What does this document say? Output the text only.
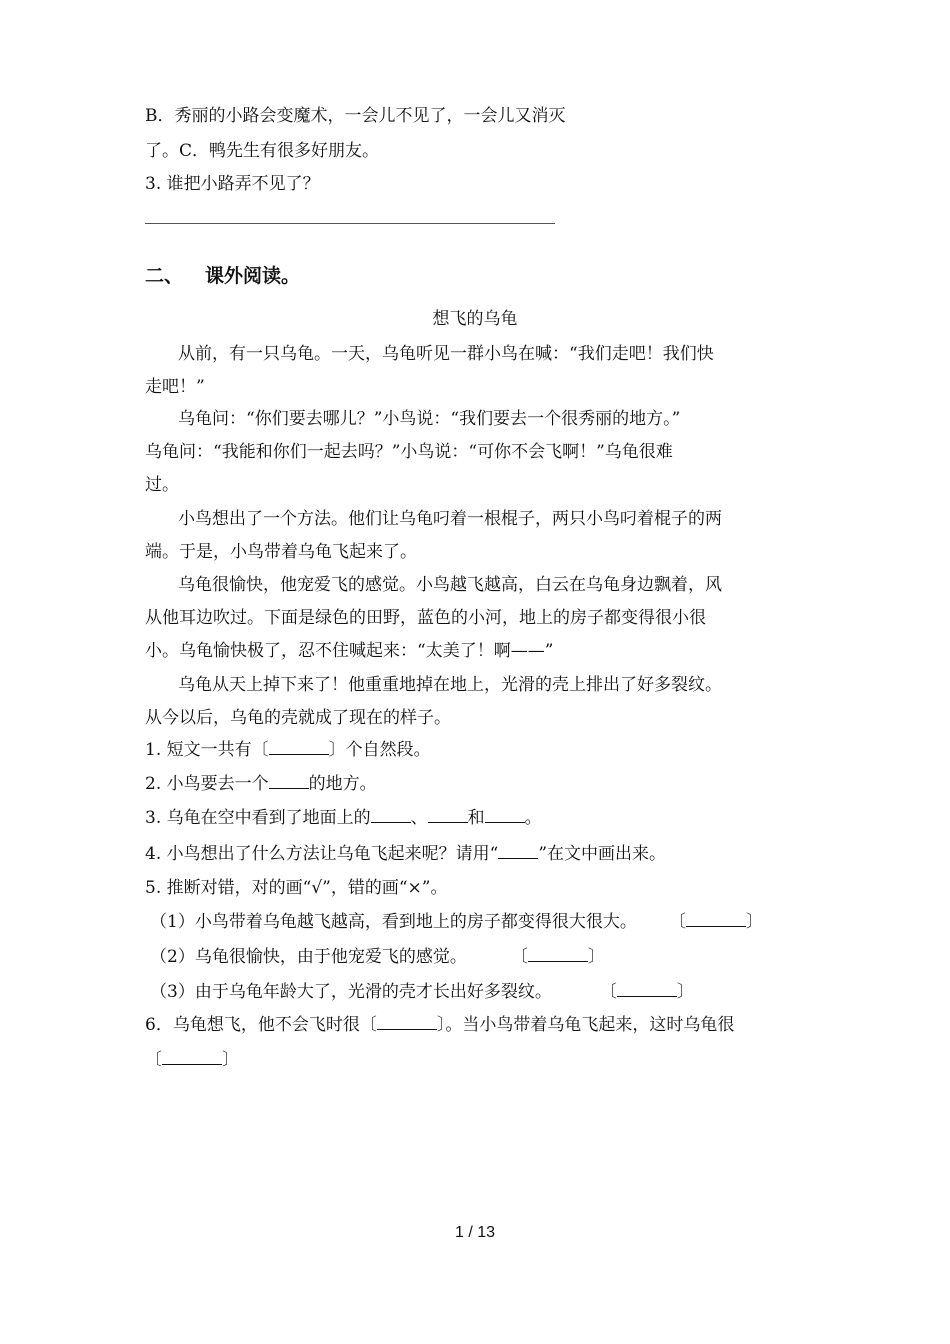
B．秀丽的小路会变魔术，一会儿不见了，一会儿又消灭
了。C．鸭先生有很多好朋友。
3. 谁把小路弄不见了？
二、 课外阅读。
想飞的乌龟
从前，有一只乌龟。一天，乌龟听见一群小鸟在喊：“我们走吧！我们快
走吧！”
乌龟问：“你们要去哪儿？”小鸟说：“我们要去一个很秀丽的地方。”
乌龟问：“我能和你们一起去吗？”小鸟说：“可你不会飞啊！”乌龟很难
过。
小鸟想出了一个方法。他们让乌龟叼着一根棍子，两只小鸟叼着棍子的两
端。于是，小鸟带着乌龟飞起来了。
乌龟很愉快，他宠爱飞的感觉。小鸟越飞越高，白云在乌龟身边飘着，风
从他耳边吹过。下面是绿色的田野，蓝色的小河，地上的房子都变得很小很
小。乌龟愉快极了，忍不住喊起来：“太美了！啊——”
乌龟从天上掉下来了！他重重地掉在地上，光滑的壳上排出了好多裂纹。
从今以后，乌龟的壳就成了现在的样子。
1. 短文一共有〔	〕个自然段。
2. 小鸟要去一个 的地方。
3. 乌龟在空中看到了地面上的 、 和 。
4. 小鸟想出了什么方法让乌龟飞起来呢？请用“ ”在文中画出来。
5. 推断对错，对的画“√”，错的画“×”。
（1）小鸟带着乌龟越飞越高，看到地上的房子都变得很大很大。 〔	〕
（2）乌龟很愉快，由于他宠爱飞的感觉。	〔	〕
（3）由于乌龟年龄大了，光滑的壳才长出好多裂纹。	〔	〕
6．乌龟想飞，他不会飞时很〔	〕。当小鸟带着乌龟飞起来，这时乌龟很
〔	〕
1 / 13
